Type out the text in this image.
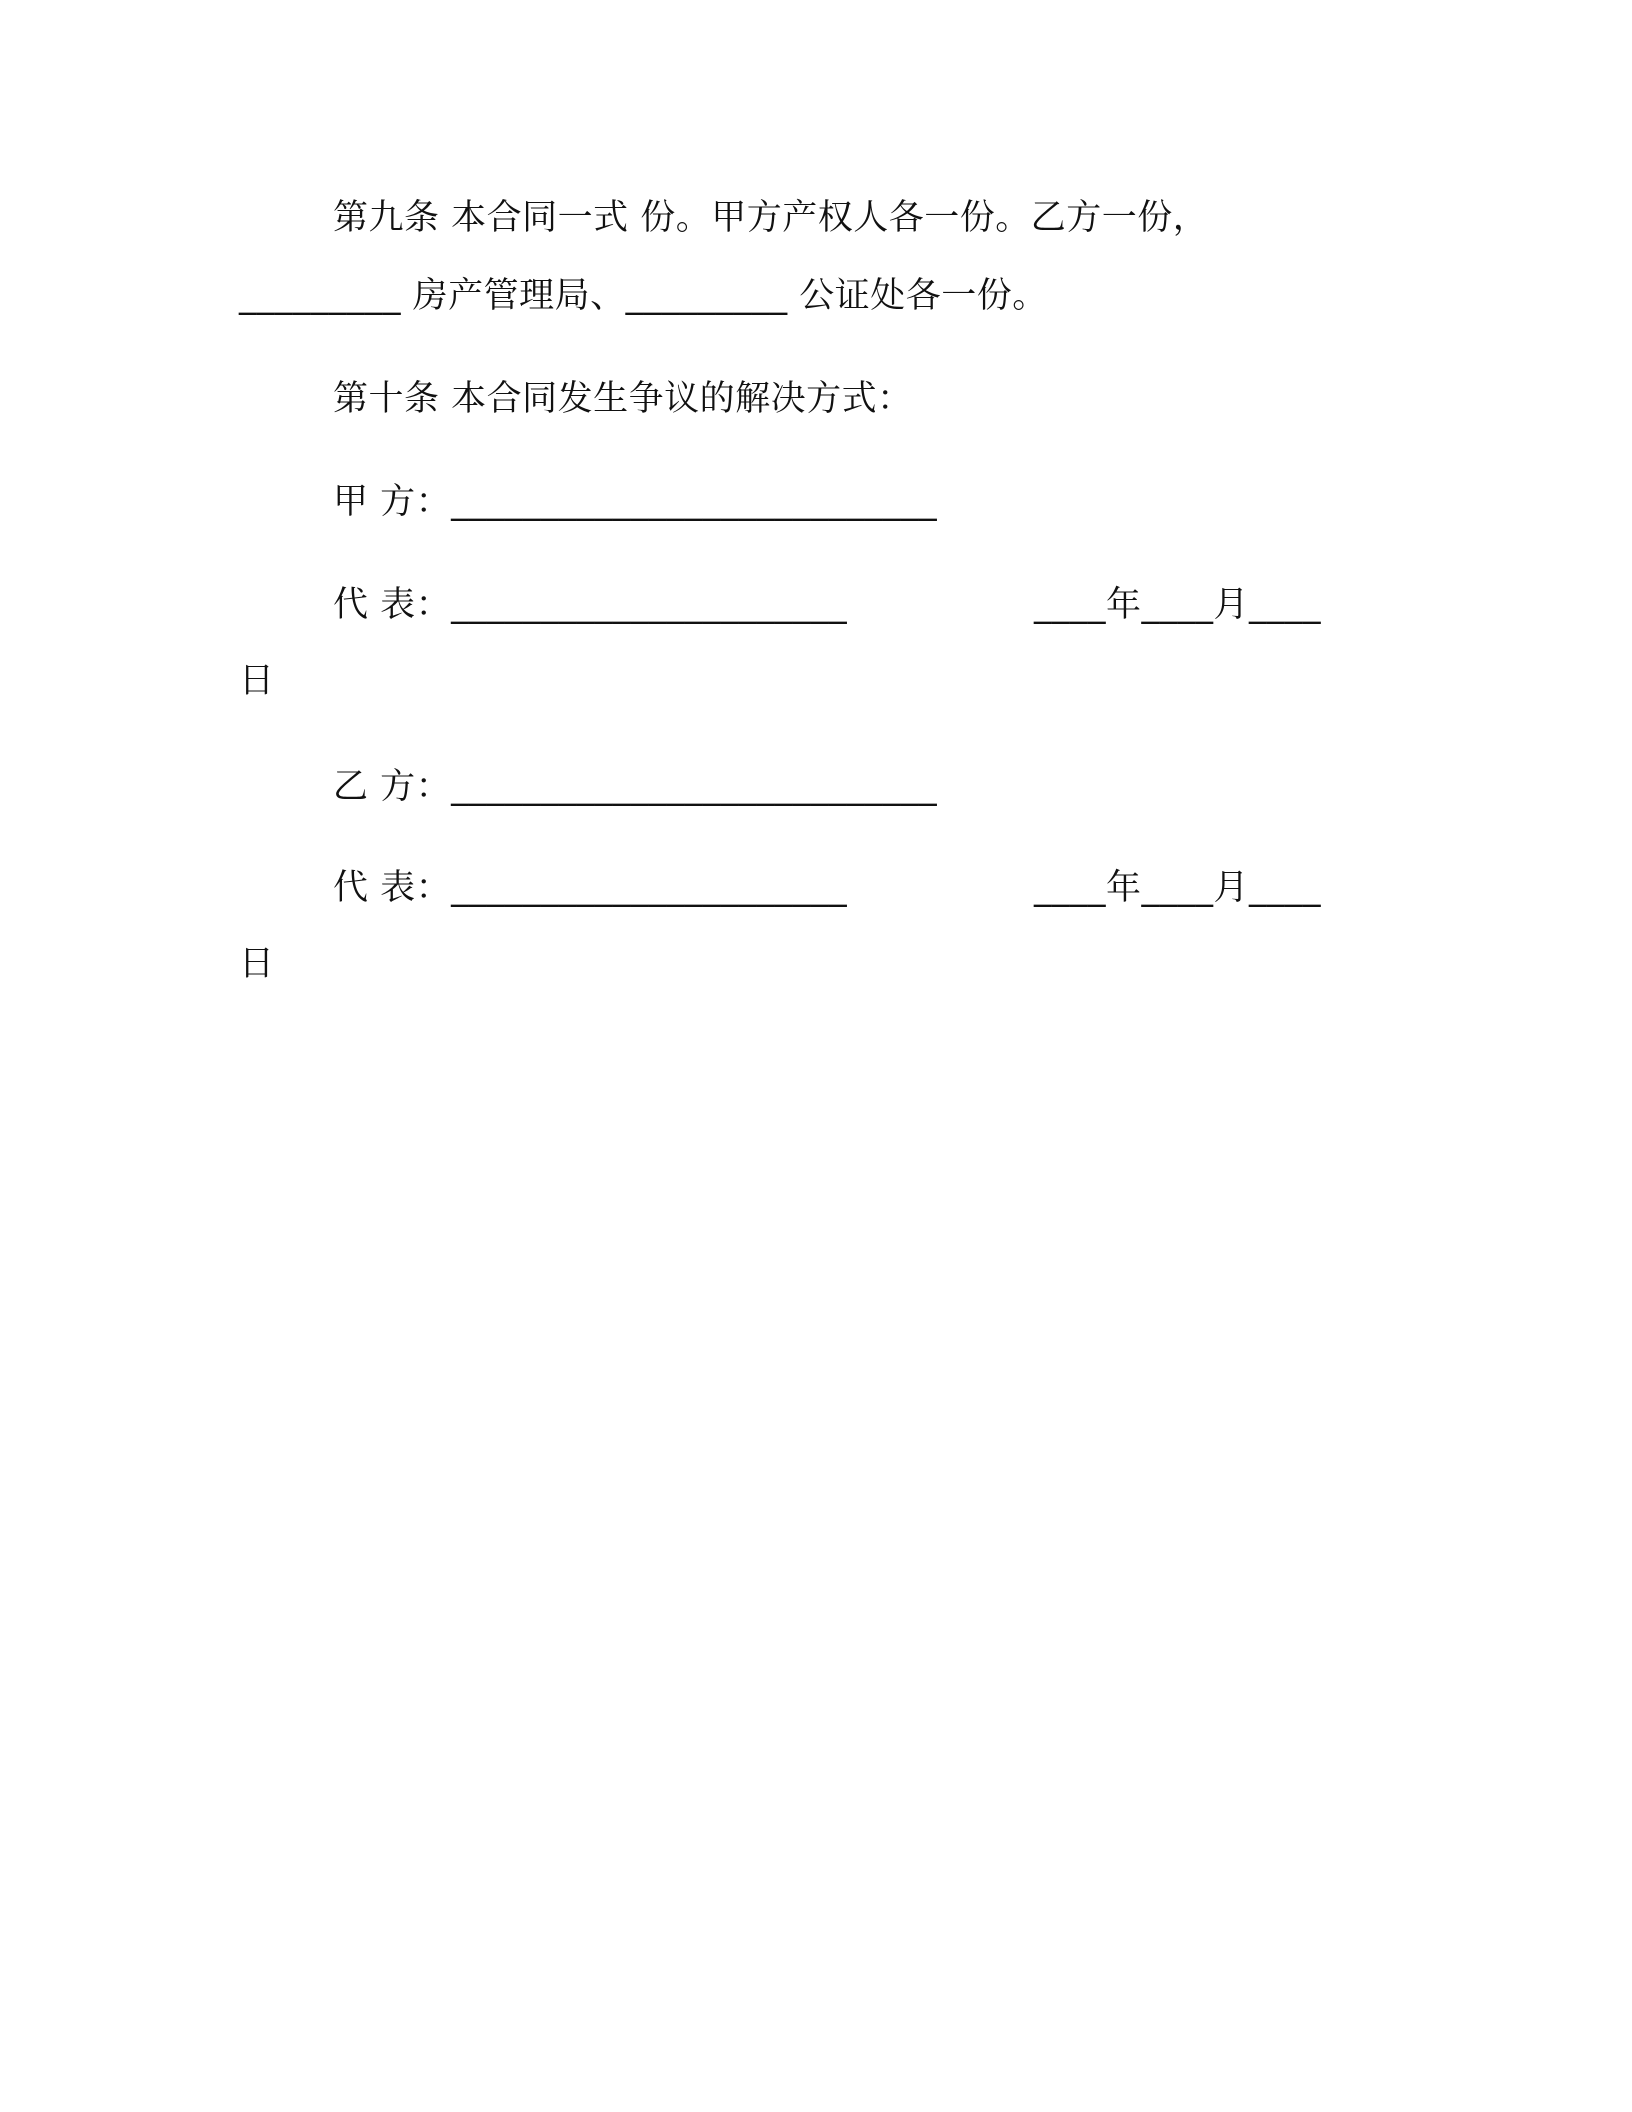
第九条 本合同一式 份。甲方产权人各一份。乙方一份，
_________ 房产管理局、_________ 公证处各一份。
第十条 本合同发生争议的解决方式：
甲 方：___________________________
代 表：______________________	____年____月____
日
乙 方：___________________________
代 表：______________________	____年____月____
日
